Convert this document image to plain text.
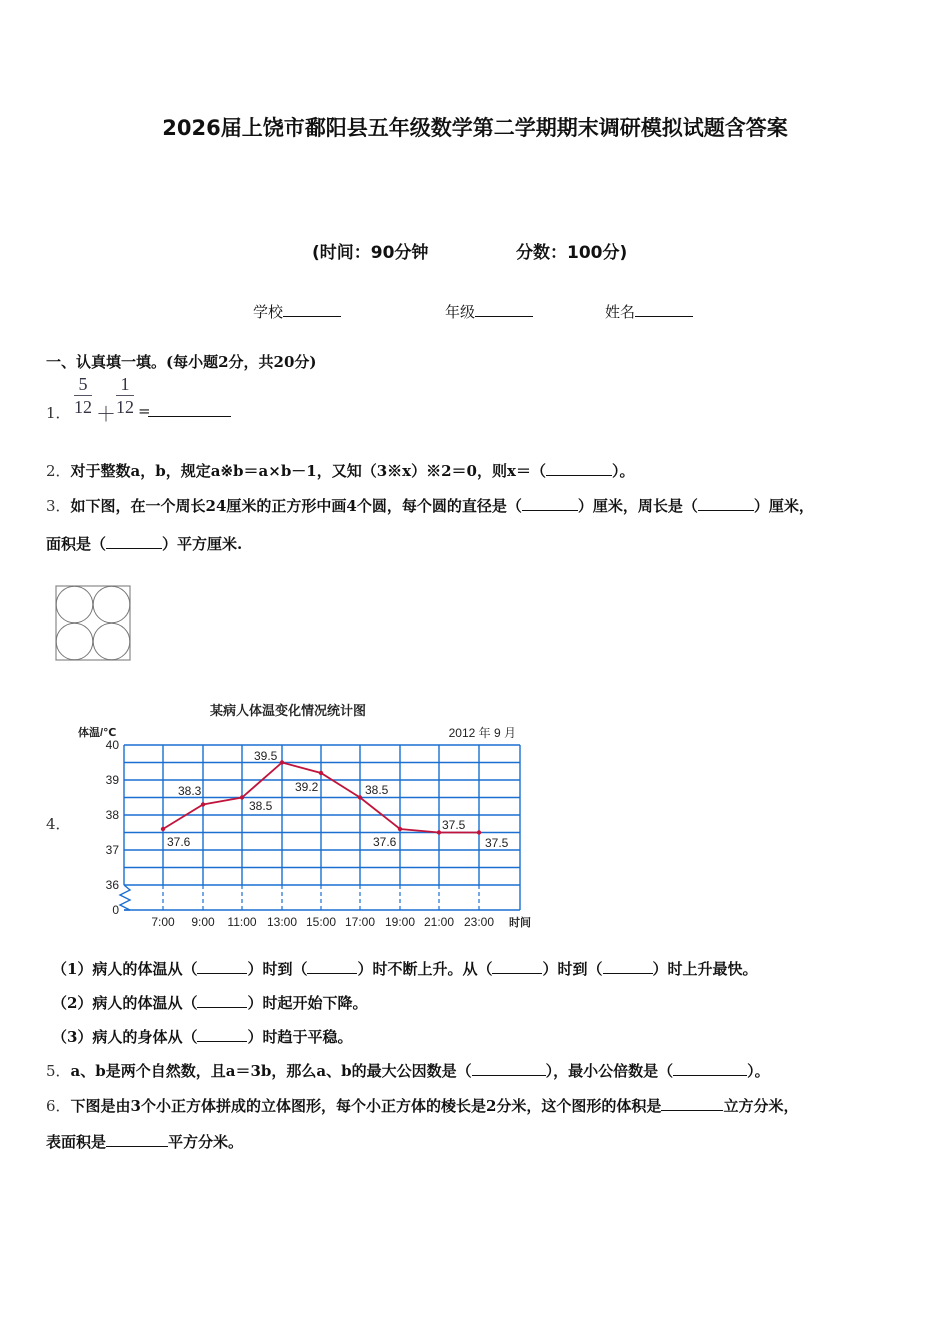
2026届上饶市鄱阳县五年级数学第二学期期末调研模拟试题含答案
(时间：90分钟	分数：100分)
学校	年级	姓名
一、认真填一填。(每小题2分，共20分)
1． $\frac{5}{12} + \frac{1}{12}$ =
2．对于整数a，b，规定a※b＝a×b－1，又知（3※x）※2＝0，则x＝（	）。
3．如下图，在一个周长24厘米的正方形中画4个圆，每个圆的直径是（	）厘米，周长是（	）厘米，
面积是（	）平方厘米.
4．
某病人体温变化情况统计图
体温/℃	2012 年 9 月
40
39
38
37
36
0
7:00 9:00 11:00 13:00 15:00 17:00 19:00 21:00 23:00 时间
37.6
38.3
38.5
39.5
39.2	38.5
37.6
37.5
37.5
（1）病人的体温从（	）时到（	）时不断上升。从（	）时到（	）时上升最快。
（2）病人的体温从（	）时起开始下降。
（3）病人的身体从（	）时趋于平稳。
5．a、b是两个自然数，且a＝3b，那么a、b的最大公因数是（	），最小公倍数是（	）。
6．下图是由3个小正方体拼成的立体图形，每个小正方体的棱长是2分米，这个图形的体积是	立方分米，
表面积是	平方分米。
